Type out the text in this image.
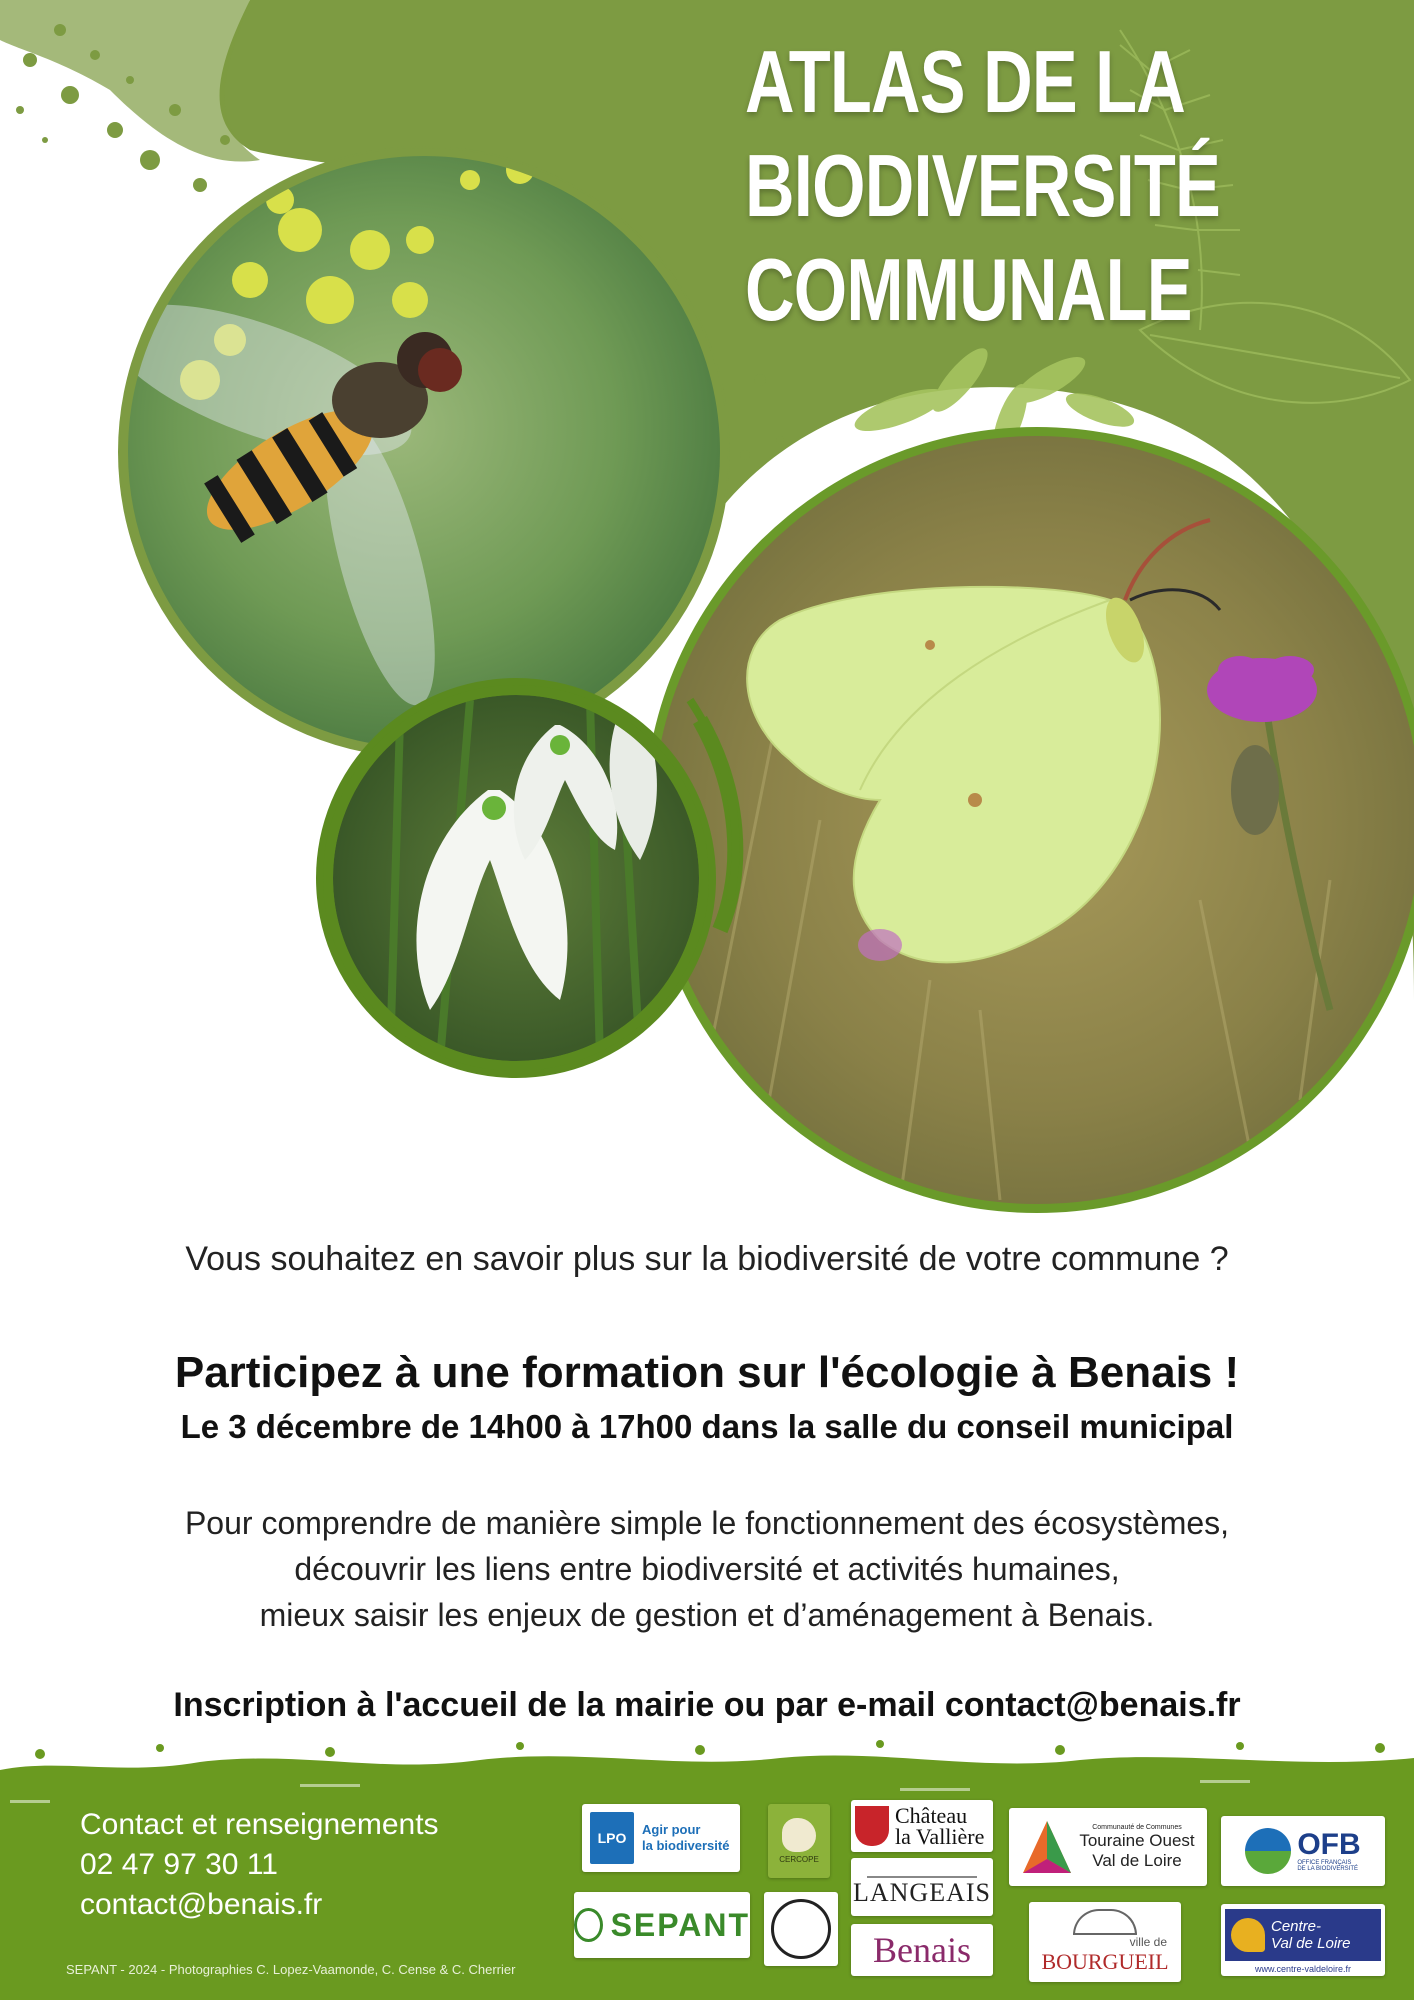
ATLAS DE LA
BIODIVERSITÉ
COMMUNALE
Vous souhaitez en savoir plus sur la biodiversité de votre commune ?
Participez à une formation sur l'écologie à Benais !
Le 3 décembre de 14h00 à 17h00 dans la salle du conseil municipal
Pour comprendre de manière simple le fonctionnement des écosystèmes,
découvrir les liens entre biodiversité et activités humaines,
mieux saisir les enjeux de gestion et d’aménagement à Benais.
Inscription à l'accueil de la mairie ou par e-mail contact@benais.fr
Contact et renseignements
02 47 97 30 11
contact@benais.fr
SEPANT - 2024 - Photographies C. Lopez-Vaamonde, C. Cense & C. Cherrier
LPO
Agir pour
la biodiversité
CERCOPE
Château
la Vallière
LANGEAIS
Benais
SEPANT
Communauté de Communes
Touraine Ouest
Val de Loire
ville de
BOURGUEIL
OFB
OFFICE FRANÇAIS
DE LA BIODIVERSITÉ
Centre-
Val de Loire
www.centre-valdeloire.fr
